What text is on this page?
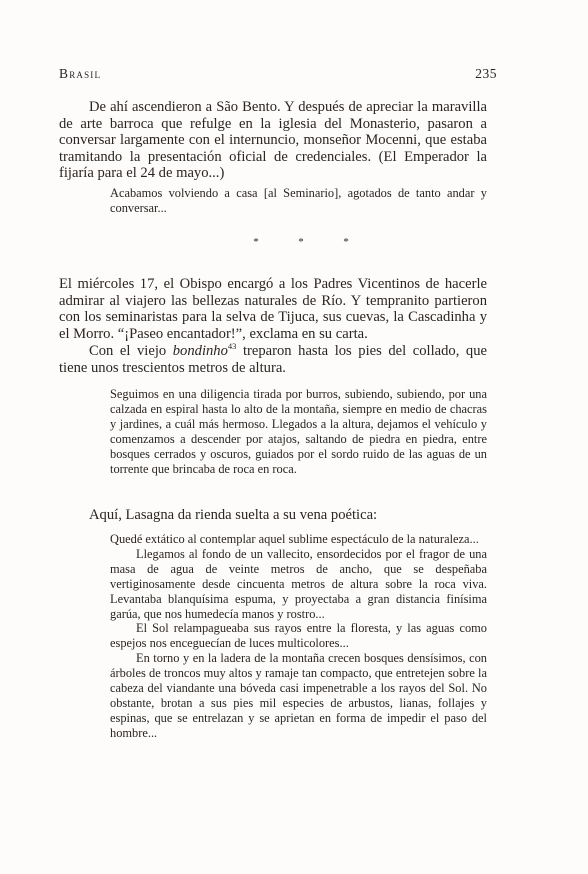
Brasil	235

De ahí ascendieron a São Bento. Y después de apreciar la maravilla de arte barroca que refulge en la iglesia del Monasterio, pasaron a conversar largamente con el internuncio, monseñor Mocenni, que estaba tramitando la presentación oficial de credenciales. (El Emperador la fijaría para el 24 de mayo...)

Acabamos volviendo a casa [al Seminario], agotados de tanto andar y conversar...

*	*	*

El miércoles 17, el Obispo encargó a los Padres Vicentinos de hacerle admirar al viajero las bellezas naturales de Río. Y tempranito partieron con los seminaristas para la selva de Tijuca, sus cuevas, la Cascadinha y el Morro. “¡Paseo encantador!”, exclama en su carta.

Con el viejo bondinho$^{43}$ treparon hasta los pies del collado, que tiene unos trescientos metros de altura.

Seguimos en una diligencia tirada por burros, subiendo, subiendo, por una calzada en espiral hasta lo alto de la montaña, siempre en medio de chacras y jardines, a cuál más hermoso. Llegados a la altura, dejamos el vehículo y comenzamos a descender por atajos, saltando de piedra en piedra, entre bosques cerrados y oscuros, guiados por el sordo ruido de las aguas de un torrente que brincaba de roca en roca.

Aquí, Lasagna da rienda suelta a su vena poética:

Quedé extático al contemplar aquel sublime espectáculo de la naturaleza...

Llegamos al fondo de un vallecito, ensordecidos por el fragor de una masa de agua de veinte metros de ancho, que se despeñaba vertiginosamente desde cincuenta metros de altura sobre la roca viva. Levantaba blanquísima espuma, y proyectaba a gran distancia finísima garúa, que nos humedecía manos y rostro...

El Sol relampagueaba sus rayos entre la floresta, y las aguas como espejos nos enceguecían de luces multicolores...

En torno y en la ladera de la montaña crecen bosques densísimos, con árboles de troncos muy altos y ramaje tan compacto, que entretejen sobre la cabeza del viandante una bóveda casi impenetrable a los rayos del Sol. No obstante, brotan a sus pies mil especies de arbustos, lianas, follajes y espinas, que se entrelazan y se aprietan en forma de impedir el paso del hombre...
